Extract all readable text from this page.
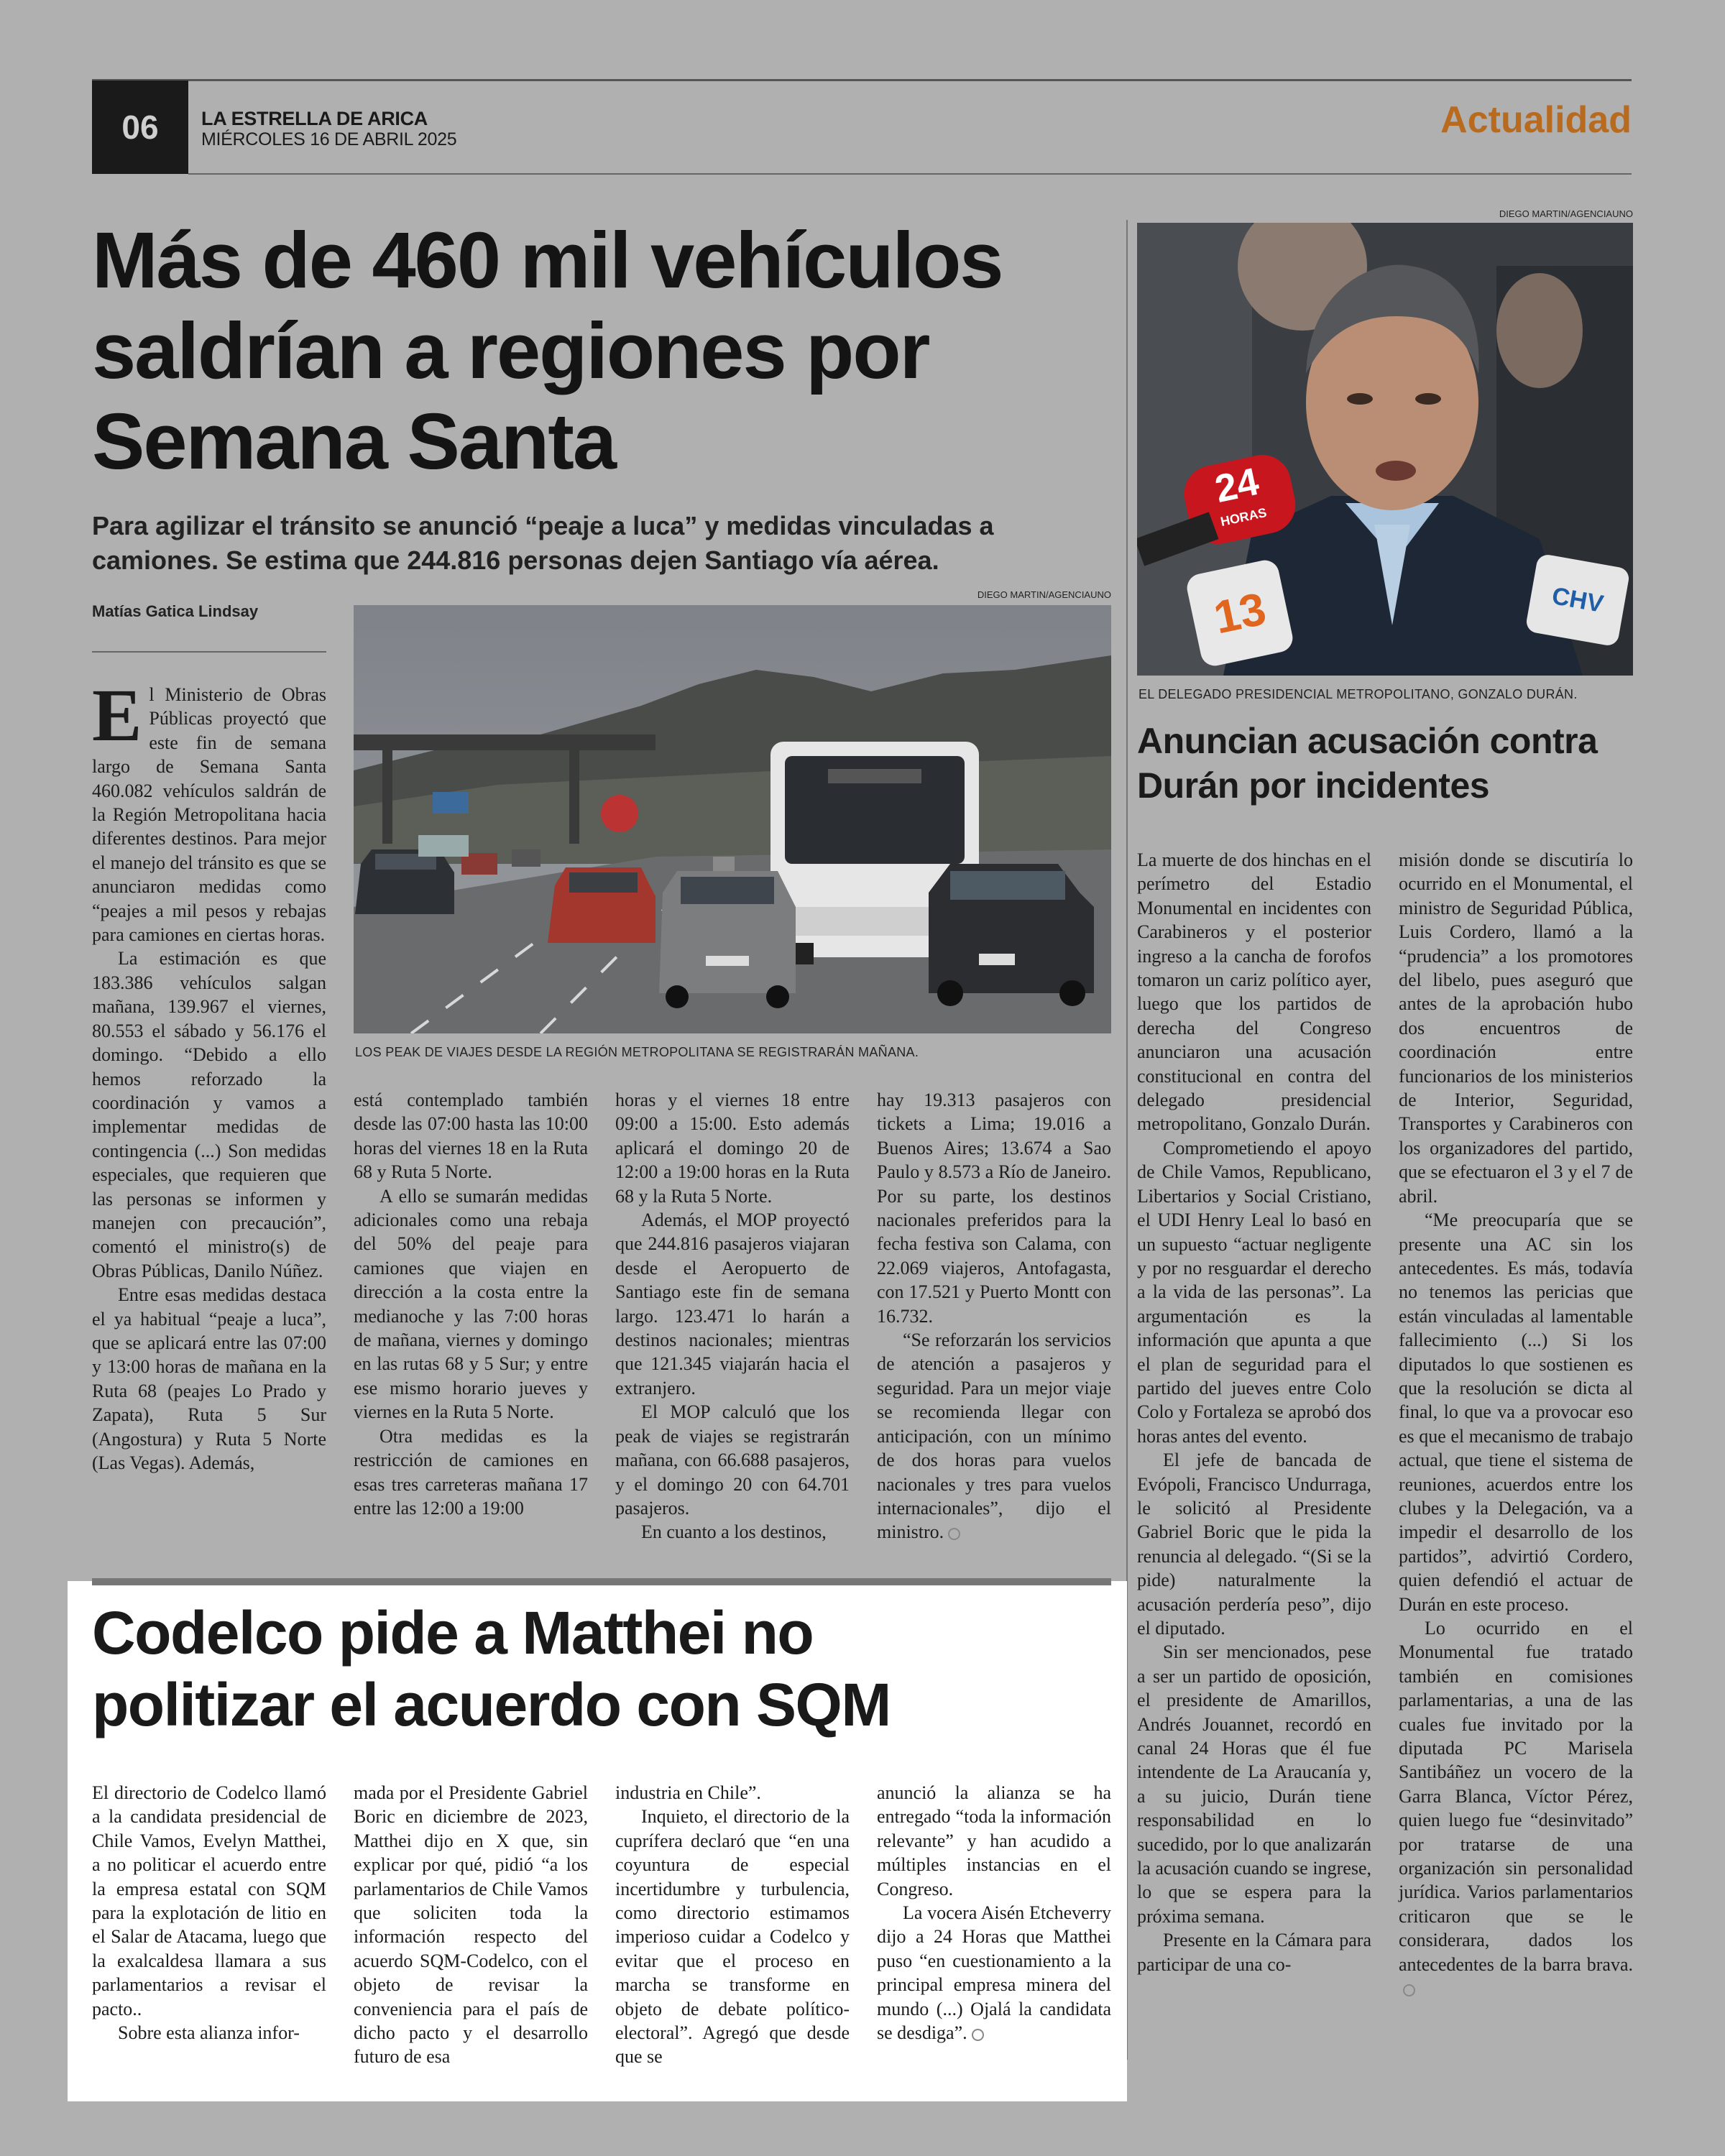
06 LA ESTRELLA DE ARICA
MIÉRCOLES 16 DE ABRIL 2025	Actualidad
Más de 460 mil vehículos saldrían a regiones por Semana Santa
Para agilizar el tránsito se anunció “peaje a luca” y medidas vinculadas a camiones. Se estima que 244.816 personas dejen Santiago vía aérea.
Matías Gatica Lindsay
DIEGO MARTIN/AGENCIAUNO
LOS PEAK DE VIAJES DESDE LA REGIÓN METROPOLITANA SE REGISTRARÁN MAÑANA.

El Ministerio de Obras Públicas proyectó que este fin de semana largo de Semana Santa 460.082 vehículos saldrán de la Región Metropolitana hacia diferentes destinos. Para mejor el manejo del tránsito es que se anunciaron medidas como “peajes a mil pesos y rebajas para camiones en ciertas horas.

La estimación es que 183.386 vehículos salgan mañana, 139.967 el viernes, 80.553 el sábado y 56.176 el domingo. “Debido a ello hemos reforzado la coordinación y vamos a implementar medidas de contingencia (...) Son medidas especiales, que requieren que las personas se informen y manejen con precaución”, comentó el ministro(s) de Obras Públicas, Danilo Núñez.

Entre esas medidas destaca el ya habitual “peaje a luca”, que se aplicará entre las 07:00 y 13:00 horas de mañana en la Ruta 68 (peajes Lo Prado y Zapata), Ruta 5 Sur (Angostura) y Ruta 5 Norte (Las Vegas). Además,

está contemplado también desde las 07:00 hasta las 10:00 horas del viernes 18 en la Ruta 68 y Ruta 5 Norte.

A ello se sumarán medidas adicionales como una rebaja del 50% del peaje para camiones que viajen en dirección a la costa entre la medianoche y las 7:00 horas de mañana, viernes y domingo en las rutas 68 y 5 Sur; y entre ese mismo horario jueves y viernes en la Ruta 5 Norte.

Otra medidas es la restricción de camiones en esas tres carreteras mañana 17 entre las 12:00 a 19:00

horas y el viernes 18 entre 09:00 a 15:00. Esto además aplicará el domingo 20 de 12:00 a 19:00 horas en la Ruta 68 y la Ruta 5 Norte.

Además, el MOP proyectó que 244.816 pasajeros viajaran desde el Aeropuerto de Santiago este fin de semana largo. 123.471 lo harán a destinos nacionales; mientras que 121.345 viajarán hacia el extranjero.

El MOP calculó que los peak de viajes se registrarán mañana, con 66.688 pasajeros, y el domingo 20 con 64.701 pasajeros.

En cuanto a los destinos,

hay 19.313 pasajeros con tickets a Lima; 19.016 a Buenos Aires; 13.674 a Sao Paulo y 8.573 a Río de Janeiro. Por su parte, los destinos nacionales preferidos para la fecha festiva son Calama, con 22.069 viajeros, Antofagasta, con 17.521 y Puerto Montt con 16.732.

“Se reforzarán los servicios de atención a pasajeros y seguridad. Para un mejor viaje se recomienda llegar con anticipación, con un mínimo de dos horas para vuelos nacionales y tres para vuelos internacionales”, dijo el ministro.

DIEGO MARTIN/AGENCIAUNO
24
HORAS
13	CHV
EL DELEGADO PRESIDENCIAL METROPOLITANO, GONZALO DURÁN.
Anuncian acusación contra Durán por incidentes

La muerte de dos hinchas en el perímetro del Estadio Monumental en incidentes con Carabineros y el posterior ingreso a la cancha de forofos tomaron un cariz político ayer, luego que los partidos de derecha del Congreso anunciaron una acusación constitucional en contra del delegado presidencial metropolitano, Gonzalo Durán.

Comprometiendo el apoyo de Chile Vamos, Republicano, Libertarios y Social Cristiano, el UDI Henry Leal lo basó en un supuesto “actuar negligente y por no resguardar el derecho a la vida de las personas”. La argumentación es la información que apunta a que el plan de seguridad para el partido del jueves entre Colo Colo y Fortaleza se aprobó dos horas antes del evento.

El jefe de bancada de Evópoli, Francisco Undurraga, le solicitó al Presidente Gabriel Boric que le pida la renuncia al delegado. “(Si se la pide) naturalmente la acusación perdería peso”, dijo el diputado.

Sin ser mencionados, pese a ser un partido de oposición, el presidente de Amarillos, Andrés Jouannet, recordó en canal 24 Horas que él fue intendente de La Araucanía y, a su juicio, Durán tiene responsabilidad en lo sucedido, por lo que analizarán la acusación cuando se ingrese, lo que se espera para la próxima semana.

Presente en la Cámara para participar de una co-

misión donde se discutiría lo ocurrido en el Monumental, el ministro de Seguridad Pública, Luis Cordero, llamó a la “prudencia” a los promotores del libelo, pues aseguró que antes de la aprobación hubo dos encuentros de coordinación entre funcionarios de los ministerios de Interior, Seguridad, Transportes y Carabineros con los organizadores del partido, que se efectuaron el 3 y el 7 de abril.

“Me preocuparía que se presente una AC sin los antecedentes. Es más, todavía no tenemos las pericias que están vinculadas al lamentable fallecimiento (...) Si los diputados lo que sostienen es que la resolución se dicta al final, lo que va a provocar eso es que el mecanismo de trabajo actual, que tiene el sistema de reuniones, acuerdos entre los clubes y la Delegación, va a impedir el desarrollo de los partidos”, advirtió Cordero, quien defendió el actuar de Durán en este proceso.

Lo ocurrido en el Monumental fue tratado también en comisiones parlamentarias, a una de las cuales fue invitado por la diputada PC Marisela Santibáñez un vocero de la Garra Blanca, Víctor Pérez, quien luego fue “desinvitado” por tratarse de una organización sin personalidad jurídica. Varios parlamentarios criticaron que se le considerara, dados los antecedentes de la barra brava.

Codelco pide a Matthei no politizar el acuerdo con SQM

El directorio de Codelco llamó a la candidata presidencial de Chile Vamos, Evelyn Matthei, a no politicar el acuerdo entre la empresa estatal con SQM para la explotación de litio en el Salar de Atacama, luego que la exalcaldesa llamara a sus parlamentarios a revisar el pacto..

Sobre esta alianza infor-

mada por el Presidente Gabriel Boric en diciembre de 2023, Matthei dijo en X que, sin explicar por qué, pidió “a los parlamentarios de Chile Vamos que soliciten toda la información respecto del acuerdo SQM-Codelco, con el objeto de revisar la conveniencia para el país de dicho pacto y el desarrollo futuro de esa

industria en Chile”.

Inquieto, el directorio de la cuprífera declaró que “en una coyuntura de especial incertidumbre y turbulencia, como directorio estimamos imperioso cuidar a Codelco y evitar que el proceso en marcha se transforme en objeto de debate político-electoral”. Agregó que desde que se

anunció la alianza se ha entregado “toda la información relevante” y han acudido a múltiples instancias en el Congreso.

La vocera Aisén Etcheverry dijo a 24 Horas que Matthei puso “en cuestionamiento a la principal empresa minera del mundo (...) Ojalá la candidata se desdiga”.
